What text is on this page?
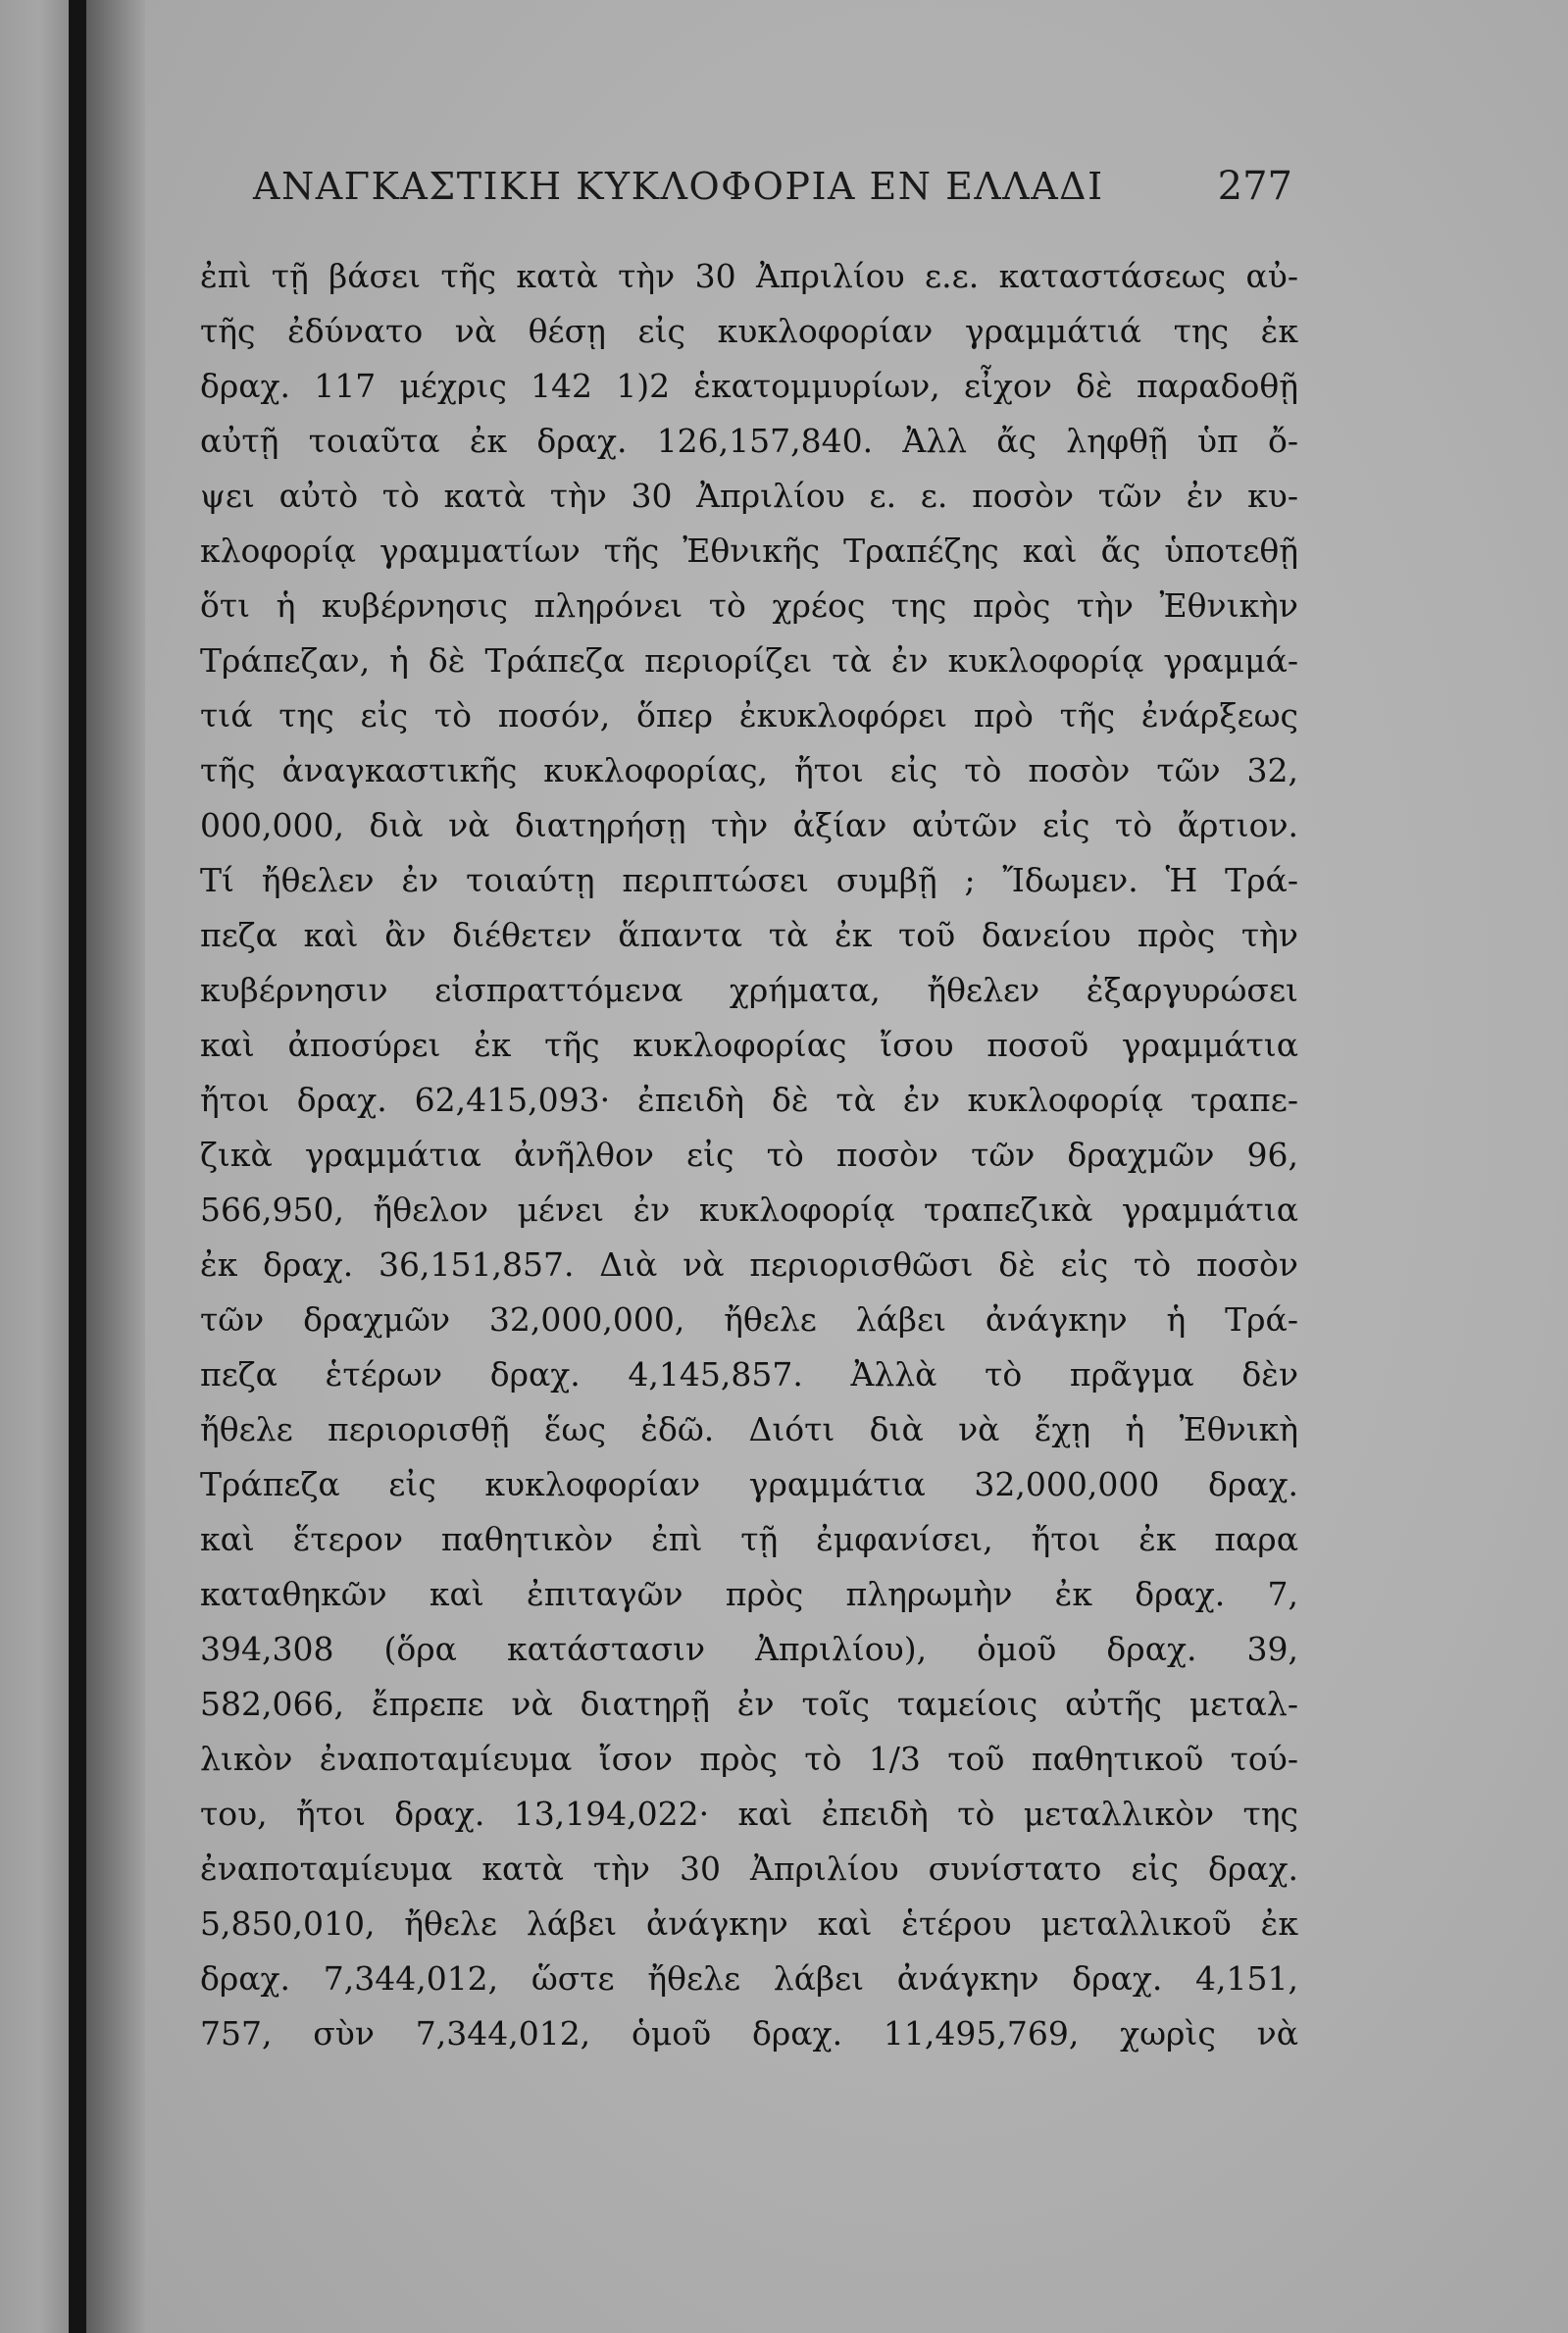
ΑΝΑΓΚΑΣΤΙΚΗ ΚΥΚΛΟΦΟΡΙΑ ΕΝ ΕΛΛΑΔΙ	277
ἐπὶ τῇ βάσει τῆς κατὰ τὴν 30 Ἀπριλίου ε.ε. καταστάσεως αὐ-
τῆς ἐδύνατο νὰ θέσῃ εἰς κυκλοφορίαν γραμμάτιά της ἐκ
δραχ. 117 μέχρις 142 1)2 ἑκατομμυρίων, εἶχον δὲ παραδοθῇ
αὐτῇ τοιαῦτα ἐκ δραχ. 126,157,840. Ἀλλ ἄς ληφθῇ ὑπ ὄ-
ψει αὐτὸ τὸ κατὰ τὴν 30 Ἀπριλίου ε. ε. ποσὸν τῶν ἐν κυ-
κλοφορίᾳ γραμματίων τῆς Ἐθνικῆς Τραπέζης καὶ ἄς ὑποτεθῇ
ὅτι ἡ κυβέρνησις πληρόνει τὸ χρέος της πρὸς τὴν Ἐθνικὴν
Τράπεζαν, ἡ δὲ Τράπεζα περιορίζει τὰ ἐν κυκλοφορίᾳ γραμμά-
τιά της εἰς τὸ ποσόν, ὅπερ ἐκυκλοφόρει πρὸ τῆς ἐνάρξεως
τῆς ἀναγκαστικῆς κυκλοφορίας, ἤτοι εἰς τὸ ποσὸν τῶν 32,
000,000, διὰ νὰ διατηρήσῃ τὴν ἀξίαν αὐτῶν εἰς τὸ ἄρτιον.
Τί ἤθελεν ἐν τοιαύτῃ περιπτώσει συμβῇ ; Ἴδωμεν. Ἡ Τρά-
πεζα καὶ ἂν διέθετεν ἅπαντα τὰ ἐκ τοῦ δανείου πρὸς τὴν
κυβέρνησιν εἰσπραττόμενα χρήματα, ἤθελεν ἐξαργυρώσει
καὶ ἀποσύρει ἐκ τῆς κυκλοφορίας ἴσου ποσοῦ γραμμάτια
ἤτοι δραχ. 62,415,093· ἐπειδὴ δὲ τὰ ἐν κυκλοφορίᾳ τραπε-
ζικὰ γραμμάτια ἀνῆλθον εἰς τὸ ποσὸν τῶν δραχμῶν 96,
566,950, ἤθελον μένει ἐν κυκλοφορίᾳ τραπεζικὰ γραμμάτια
ἐκ δραχ. 36,151,857. Διὰ νὰ περιορισθῶσι δὲ εἰς τὸ ποσὸν
τῶν δραχμῶν 32,000,000, ἤθελε λάβει ἀνάγκην ἡ Τρά-
πεζα ἑτέρων δραχ. 4,145,857. Ἀλλὰ τὸ πρᾶγμα δὲν
ἤθελε περιορισθῇ ἕως ἐδῶ. Διότι διὰ νὰ ἔχῃ ἡ Ἐθνικὴ
Τράπεζα εἰς κυκλοφορίαν γραμμάτια 32,000,000 δραχ.
καὶ ἕτερον παθητικὸν ἐπὶ τῇ ἐμφανίσει, ἤτοι ἐκ παρα
καταθηκῶν καὶ ἐπιταγῶν πρὸς πληρωμὴν ἐκ δραχ. 7,
394,308 (ὅρα κατάστασιν Ἀπριλίου), ὁμοῦ δραχ. 39,
582,066, ἔπρεπε νὰ διατηρῇ ἐν τοῖς ταμείοις αὐτῆς μεταλ-
λικὸν ἐναποταμίευμα ἴσον πρὸς τὸ 1/3 τοῦ παθητικοῦ τού-
του, ἤτοι δραχ. 13,194,022· καὶ ἐπειδὴ τὸ μεταλλικὸν της
ἐναποταμίευμα κατὰ τὴν 30 Ἀπριλίου συνίστατο εἰς δραχ.
5,850,010, ἤθελε λάβει ἀνάγκην καὶ ἑτέρου μεταλλικοῦ ἐκ
δραχ. 7,344,012, ὥστε ἤθελε λάβει ἀνάγκην δραχ. 4,151,
757, σὺν 7,344,012, ὁμοῦ δραχ. 11,495,769, χωρὶς νὰ
